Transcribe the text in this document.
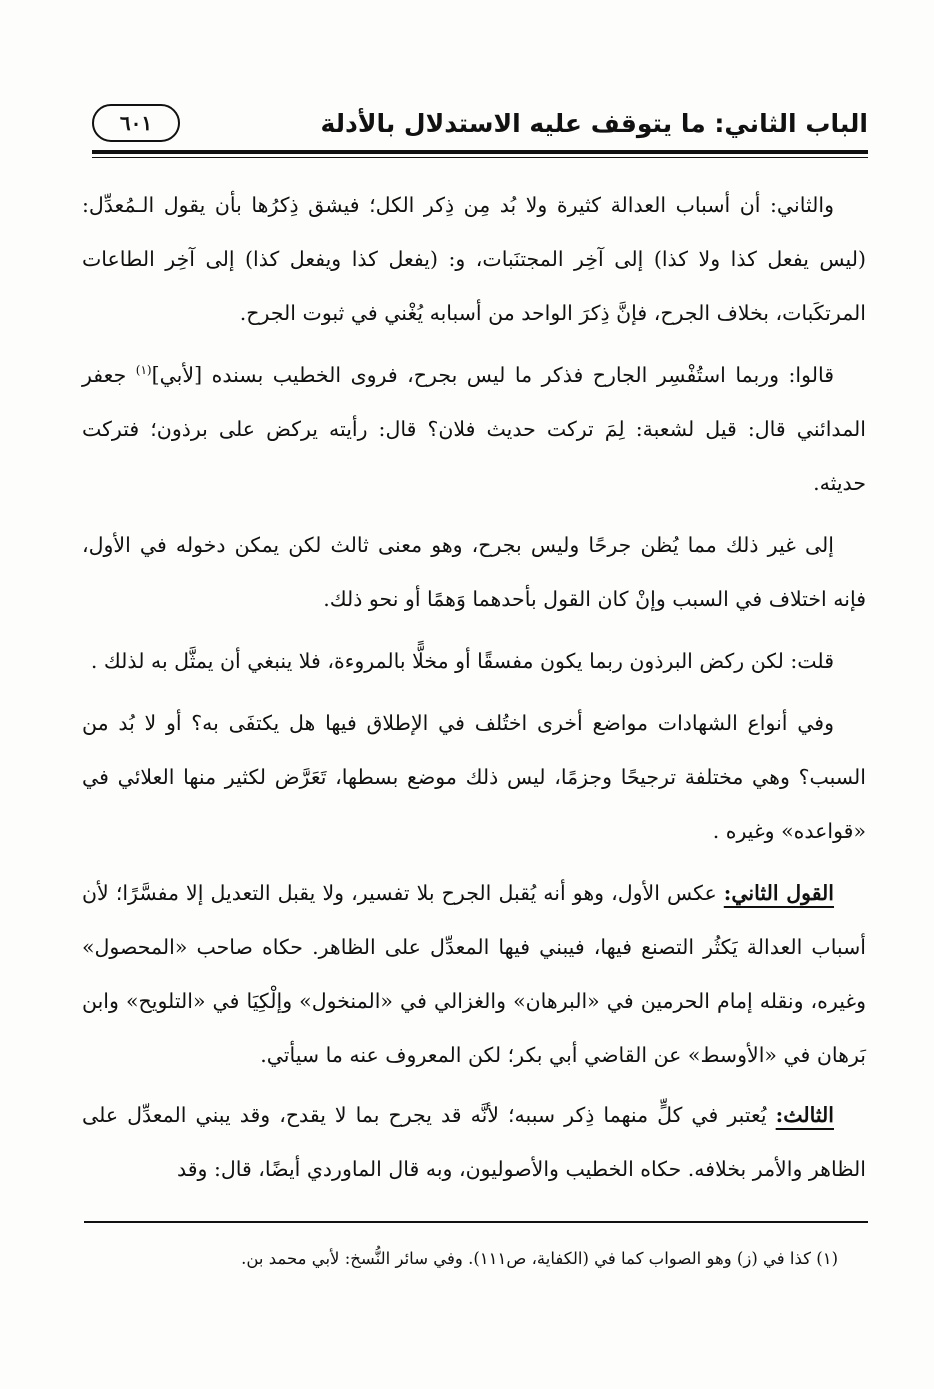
الباب الثاني: ما يتوقف عليه الاستدلال بالأدلة
٦٠١

والثاني: أن أسباب العدالة كثيرة ولا بُد مِن ذِكر الكل؛ فيشق ذِكرُها بأن يقول الـمُعدِّل: (ليس يفعل كذا ولا كذا) إلى آخِر المجتنَبات، و: (يفعل كذا ويفعل كذا) إلى آخِر الطاعات المرتكَبات، بخلاف الجرح، فإنَّ ذِكرَ الواحد من أسبابه يُغْني في ثبوت الجرح.

قالوا: وربما استُفْسِر الجارح فذكر ما ليس بجرح، فروى الخطيب بسنده [لأبي]$^{(١)}$ جعفر المدائني قال: قيل لشعبة: لِمَ تركت حديث فلان؟ قال: رأيته يركض على برذون؛ فتركت حديثه.

إلى غير ذلك مما يُظن جرحًا وليس بجرح، وهو معنى ثالث لكن يمكن دخوله في الأول، فإنه اختلاف في السبب وإنْ كان القول بأحدهما وَهمًا أو نحو ذلك.

قلت: لكن ركض البرذون ربما يكون مفسقًا أو مخلًّا بالمروءة، فلا ينبغي أن يمثَّل به لذلك .

وفي أنواع الشهادات مواضع أخرى اختُلف في الإطلاق فيها هل يكتفَى به؟ أو لا بُد من السبب؟ وهي مختلفة ترجيحًا وجزمًا، ليس ذلك موضع بسطها، تَعَرَّض لكثير منها العلائي في «قواعده» وغيره .

القول الثاني: عكس الأول، وهو أنه يُقبل الجرح بلا تفسير، ولا يقبل التعديل إلا مفسَّرًا؛ لأن أسباب العدالة يَكثُر التصنع فيها، فيبني فيها المعدِّل على الظاهر. حكاه صاحب «المحصول» وغيره، ونقله إمام الحرمين في «البرهان» والغزالي في «المنخول» وإلْكِيَا في «التلويح» وابن بَرهان في «الأوسط» عن القاضي أبي بكر؛ لكن المعروف عنه ما سيأتي.

الثالث: يُعتبر في كلٍّ منهما ذِكر سببه؛ لأنَّه قد يجرح بما لا يقدح، وقد يبني المعدِّل على الظاهر والأمر بخلافه. حكاه الخطيب والأصوليون، وبه قال الماوردي أيضًا، قال: وقد

(١) كذا في (ز) وهو الصواب كما في (الكفاية، ص١١١). وفي سائر النُّسخ: لأبي محمد بن.
